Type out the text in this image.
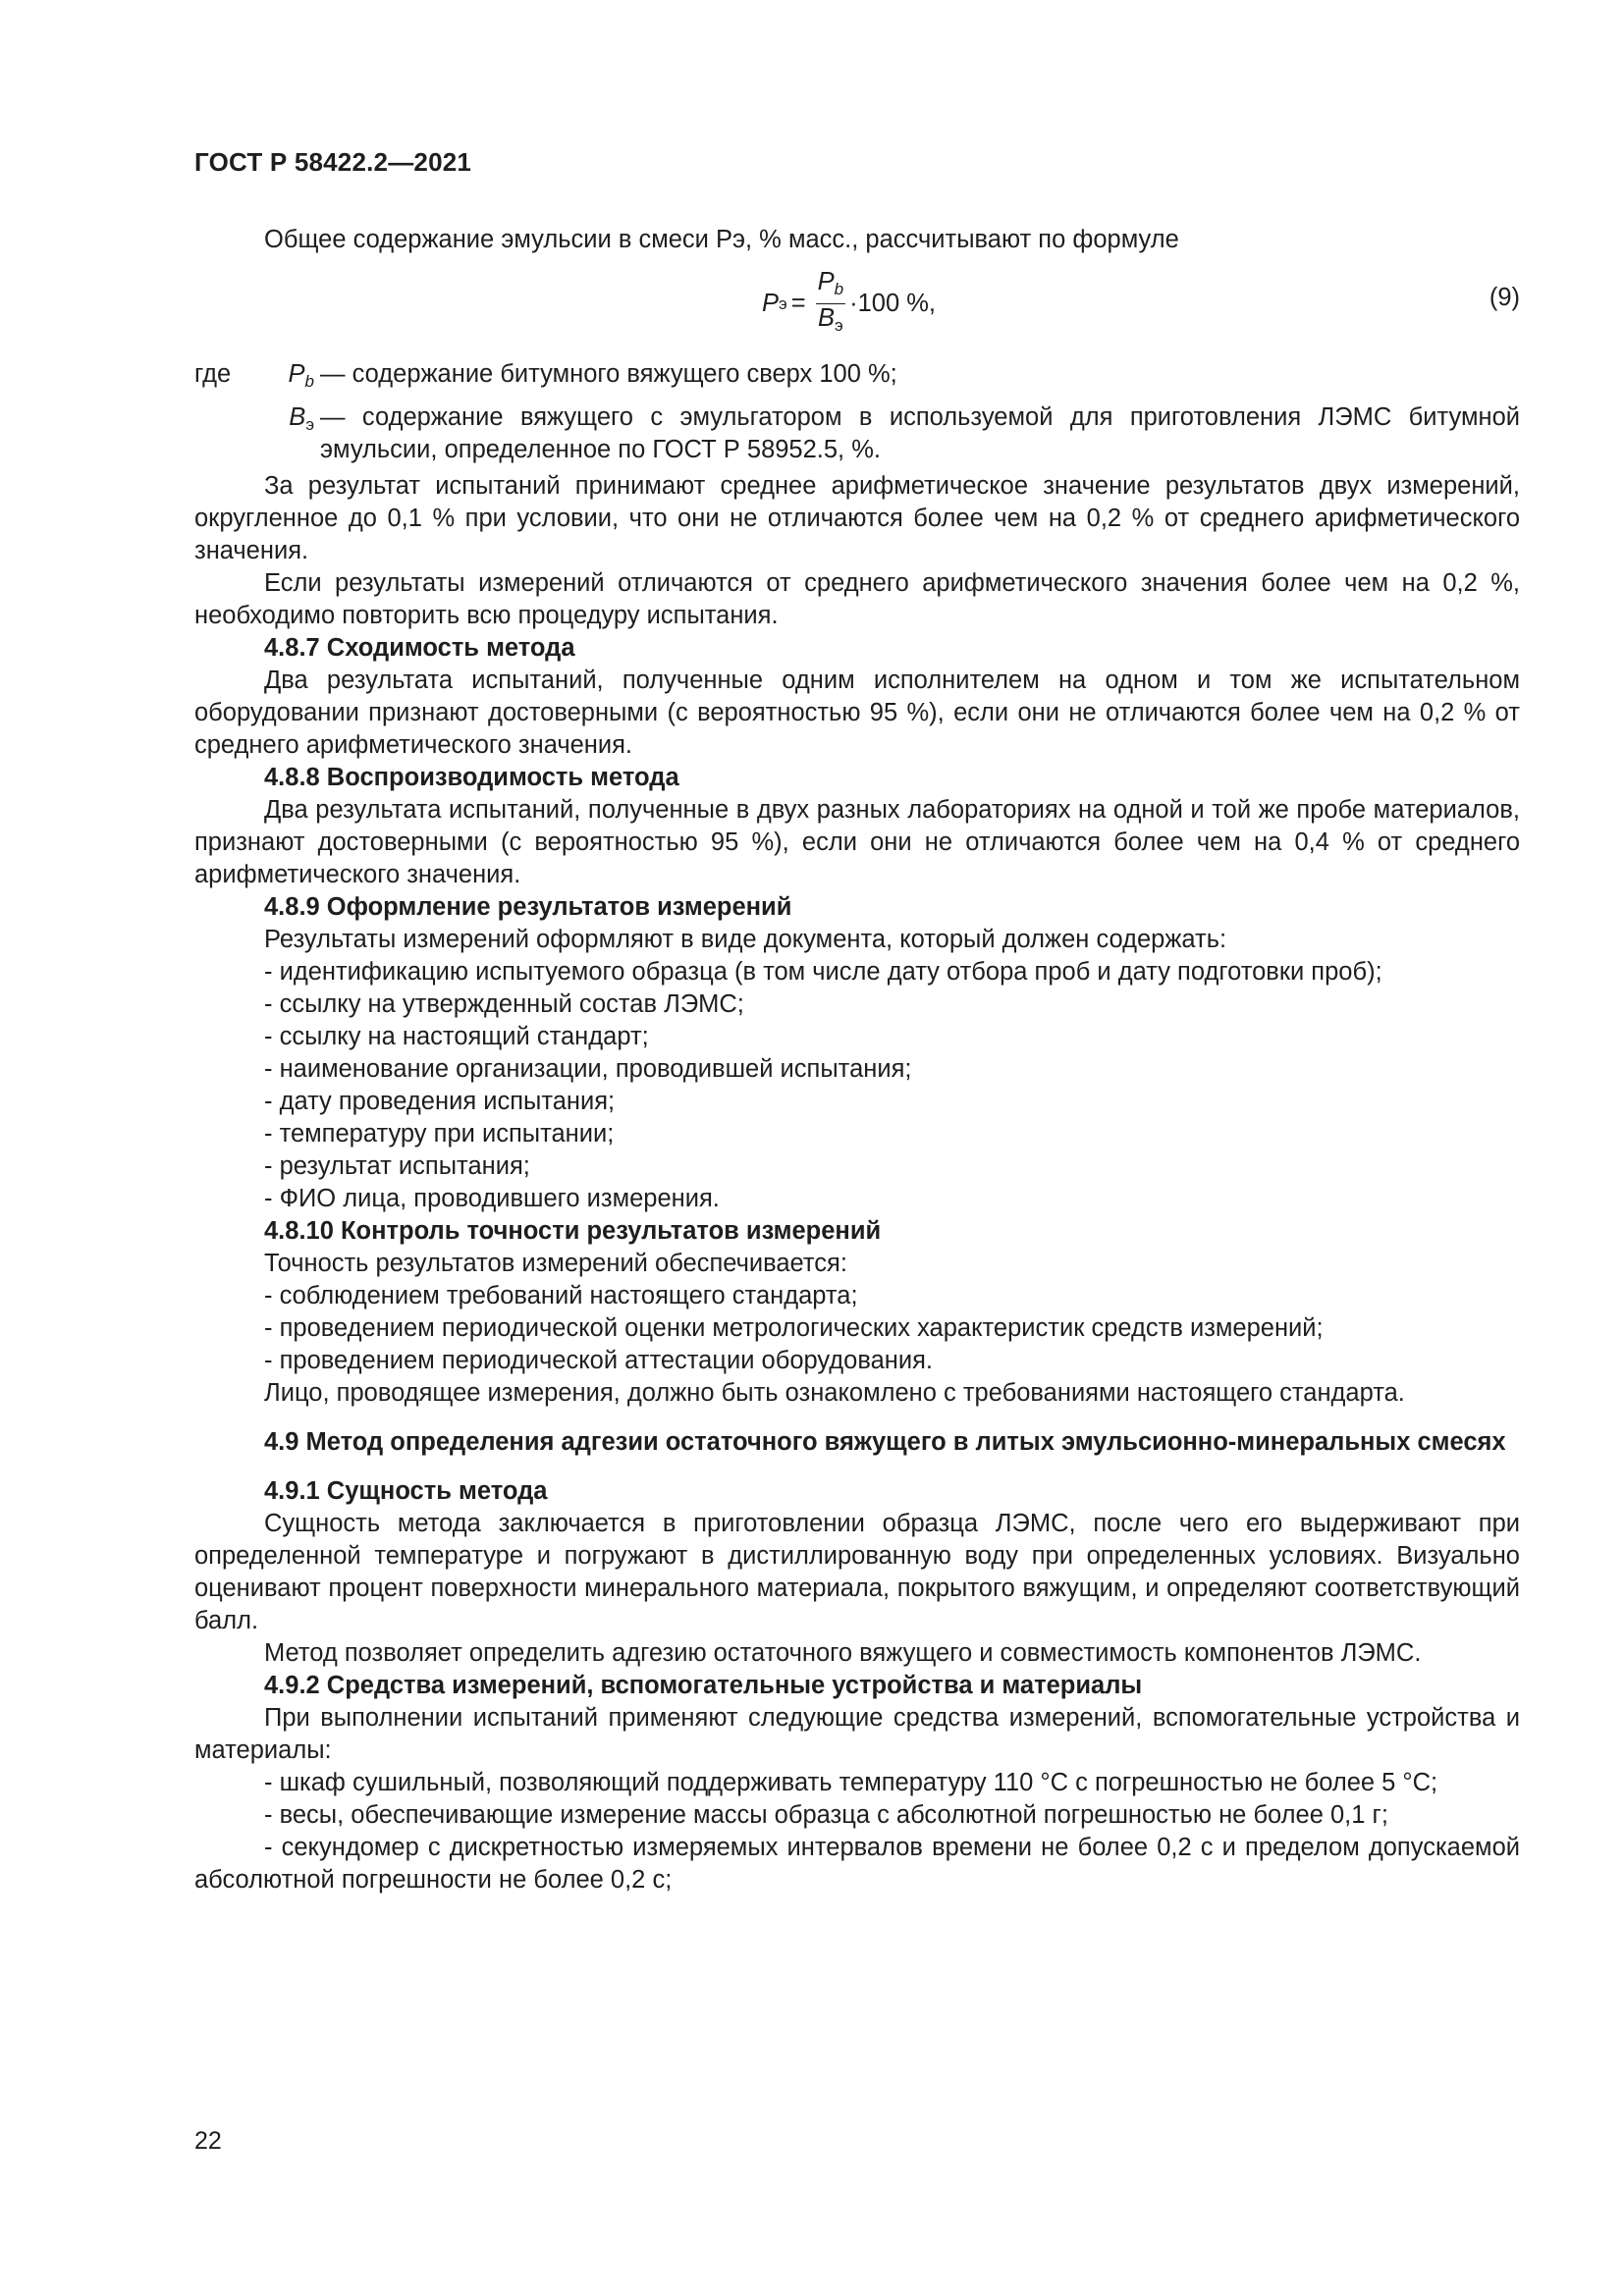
ГОСТ Р 58422.2—2021

Общее содержание эмульсии в смеси Pэ, % масс., рассчитывают по формуле

P $э = \frac{Pb}{Bэ} \cdot 100$ %,	(9)
где	Pb — содержание битумного вяжущего сверх 100 %;
Bэ — содержание вяжущего с эмульгатором в используемой для приготовления ЛЭМС битумной эмульсии, определенное по ГОСТ Р 58952.5, %.

За результат испытаний принимают среднее арифметическое значение результатов двух измерений, округленное до 0,1 % при условии, что они не отличаются более чем на 0,2 % от среднего арифметического значения.

Если результаты измерений отличаются от среднего арифметического значения более чем на 0,2 %, необходимо повторить всю процедуру испытания.

4.8.7 Сходимость метода

Два результата испытаний, полученные одним исполнителем на одном и том же испытательном оборудовании признают достоверными (с вероятностью 95 %), если они не отличаются более чем на 0,2 % от среднего арифметического значения.

4.8.8 Воспроизводимость метода

Два результата испытаний, полученные в двух разных лабораториях на одной и той же пробе материалов, признают достоверными (с вероятностью 95 %), если они не отличаются более чем на 0,4 % от среднего арифметического значения.

4.8.9 Оформление результатов измерений

Результаты измерений оформляют в виде документа, который должен содержать:

- идентификацию испытуемого образца (в том числе дату отбора проб и дату подготовки проб);

- ссылку на утвержденный состав ЛЭМС;

- ссылку на настоящий стандарт;

- наименование организации, проводившей испытания;

- дату проведения испытания;

- температуру при испытании;

- результат испытания;

- ФИО лица, проводившего измерения.

4.8.10 Контроль точности результатов измерений

Точность результатов измерений обеспечивается:

- соблюдением требований настоящего стандарта;

- проведением периодической оценки метрологических характеристик средств измерений;

- проведением периодической аттестации оборудования.

Лицо, проводящее измерения, должно быть ознакомлено с требованиями настоящего стандарта.

4.9 Метод определения адгезии остаточного вяжущего в литых эмульсионно-минеральных смесях

4.9.1 Сущность метода

Сущность метода заключается в приготовлении образца ЛЭМС, после чего его выдерживают при определенной температуре и погружают в дистиллированную воду при определенных условиях. Визуально оценивают процент поверхности минерального материала, покрытого вяжущим, и определяют соответствующий балл.

Метод позволяет определить адгезию остаточного вяжущего и совместимость компонентов ЛЭМС.

4.9.2 Средства измерений, вспомогательные устройства и материалы

При выполнении испытаний применяют следующие средства измерений, вспомогательные устройства и материалы:

- шкаф сушильный, позволяющий поддерживать температуру 110 °С с погрешностью не более 5 °С;

- весы, обеспечивающие измерение массы образца с абсолютной погрешностью не более 0,1 г;

- секундомер с дискретностью измеряемых интервалов времени не более 0,2 с и пределом допускаемой абсолютной погрешности не более 0,2 с;

22
